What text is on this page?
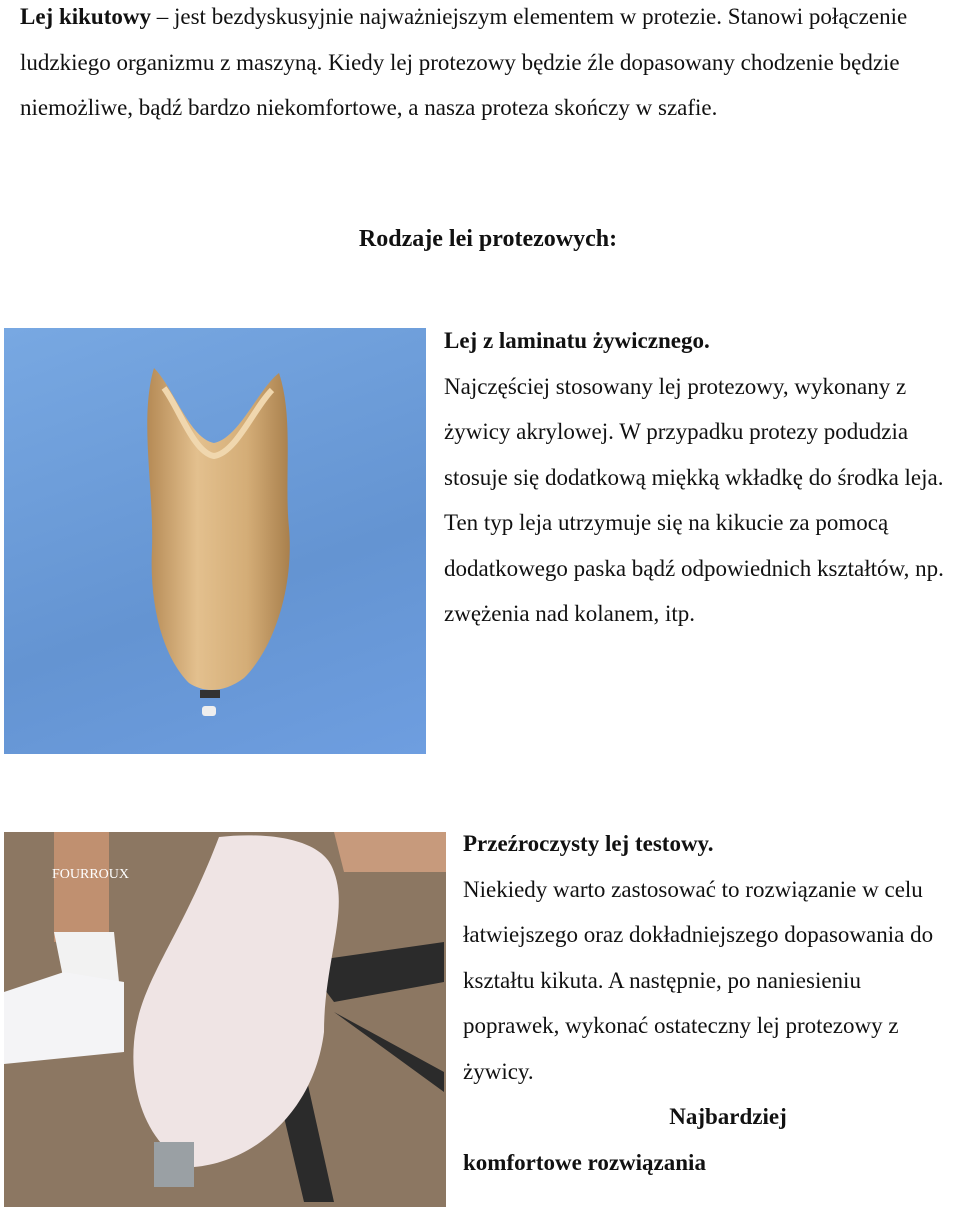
Lej kikutowy – jest bezdyskusyjnie najważniejszym elementem w protezie. Stanowi połączenie ludzkiego organizmu z maszyną. Kiedy lej protezowy będzie źle dopasowany chodzenie będzie niemożliwe, bądź bardzo niekomfortowe, a nasza proteza skończy w szafie.

Rodzaje lei protezowych:
Lej z laminatu żywicznego.
Najczęściej stosowany lej protezowy, wykonany z żywicy akrylowej. W przypadku protezy podudzia stosuje się dodatkową miękką wkładkę do środka leja.
Ten typ leja utrzymuje się na kikucie za pomocą dodatkowego paska bądź odpowiednich kształtów, np. zwężenia nad kolanem, itp.
FOURROUX
Przeźroczysty lej testowy.
Niekiedy warto zastosować to rozwiązanie w celu łatwiejszego oraz dokładniejszego dopasowania do kształtu kikuta. A następnie, po naniesieniu poprawek, wykonać ostateczny lej protezowy z żywicy.
Najbardziej
komfortowe rozwiązania
